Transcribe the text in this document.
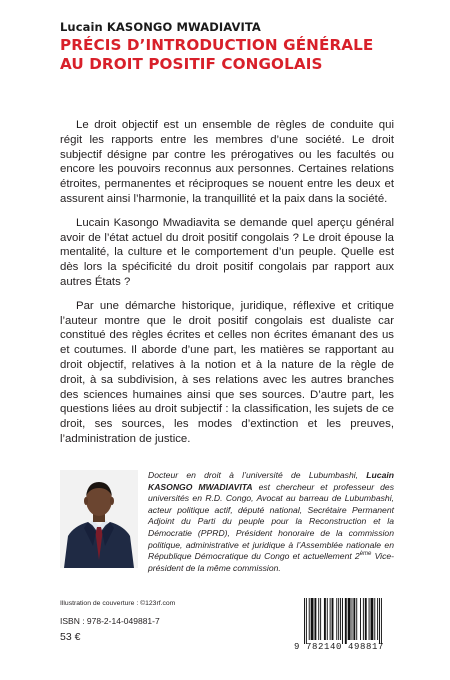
Lucain KASONGO MWADIAVITA
PRÉCIS D’INTRODUCTION GÉNÉRALE
AU DROIT POSITIF CONGOLAIS

Le droit objectif est un ensemble de règles de conduite qui régit les rapports entre les membres d’une société. Le droit subjectif désigne par contre les prérogatives ou les facultés ou encore les pouvoirs reconnus aux personnes. Certaines relations étroites, permanentes et réciproques se nouent entre les deux et assurent ainsi l’harmonie, la tranquillité et la paix dans la société.

Lucain Kasongo Mwadiavita se demande quel aperçu général avoir de l’état actuel du droit positif congolais ? Le droit épouse la mentalité, la culture et le comportement d’un peuple. Quelle est dès lors la spécificité du droit positif congolais par rapport aux autres États ?

Par une démarche historique, juridique, réflexive et critique l’auteur montre que le droit positif congolais est dualiste car constitué des règles écrites et celles non écrites émanant des us et coutumes. Il aborde d’une part, les matières se rapportant au droit objectif, relatives à la notion et à la nature de la règle de droit, à sa subdivision, à ses relations avec les autres branches des sciences humaines ainsi que ses sources. D’autre part, les questions liées au droit subjectif : la classification, les sujets de ce droit, ses sources, les modes d’extinction et les preuves, l’administration de justice.

Docteur en droit à l’université de Lubumbashi, Lucain KASONGO MWADIAVITA est chercheur et professeur des universités en R.D. Congo, Avocat au barreau de Lubumbashi, acteur politique actif, député national, Secrétaire Permanent Adjoint du Parti du peuple pour la Reconstruction et la Démocratie (PPRD), Président honoraire de la commission politique, administrative et juridique à l’Assemblée nationale en République Démocratique du Congo et actuellement 2ème Vice-président de la même commission.
Illustration de couverture : ©123rf.com
ISBN : 978-2-14-049881-7
53 €
9 782140 498817
